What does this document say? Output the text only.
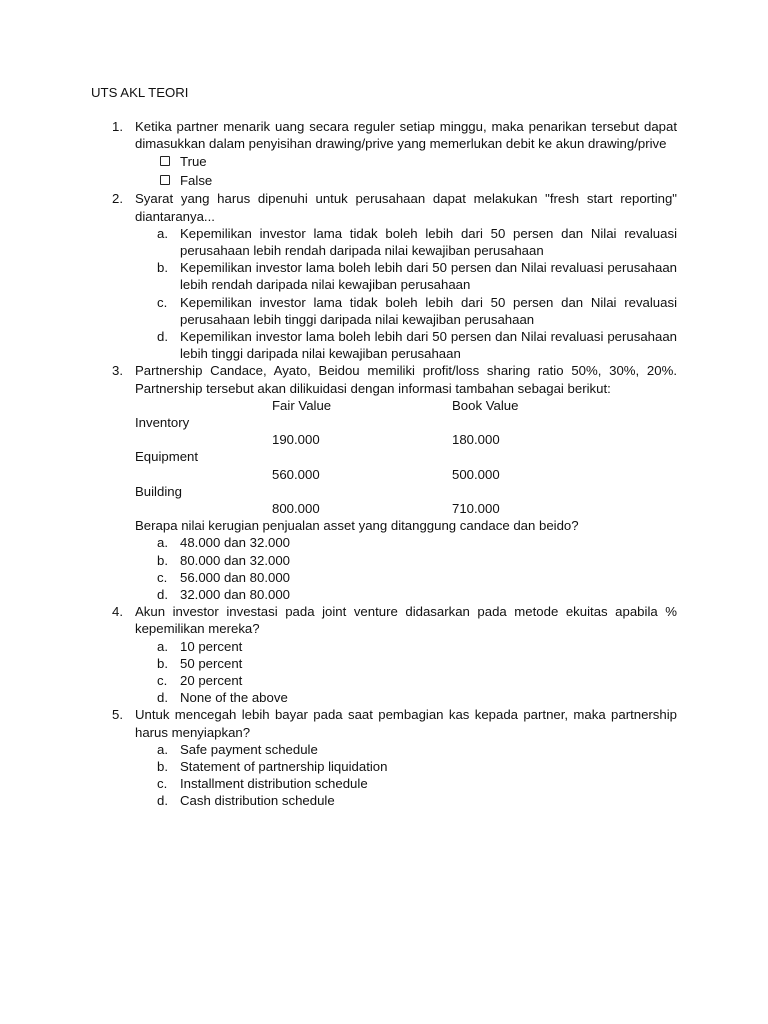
UTS AKL TEORI
1. Ketika partner menarik uang secara reguler setiap minggu, maka penarikan tersebut dapat dimasukkan dalam penyisihan drawing/prive yang memerlukan debit ke akun drawing/prive
True
False
2. Syarat yang harus dipenuhi untuk perusahaan dapat melakukan "fresh start reporting" diantaranya...
a. Kepemilikan investor lama tidak boleh lebih dari 50 persen dan Nilai revaluasi perusahaan lebih rendah daripada nilai kewajiban perusahaan
b. Kepemilikan investor lama boleh lebih dari 50 persen dan Nilai revaluasi perusahaan lebih rendah daripada nilai kewajiban perusahaan
c. Kepemilikan investor lama tidak boleh lebih dari 50 persen dan Nilai revaluasi perusahaan lebih tinggi daripada nilai kewajiban perusahaan
d. Kepemilikan investor lama boleh lebih dari 50 persen dan Nilai revaluasi perusahaan lebih tinggi daripada nilai kewajiban perusahaan
3. Partnership Candace, Ayato, Beidou memiliki profit/loss sharing ratio 50%, 30%, 20%. Partnership tersebut akan dilikuidasi dengan informasi tambahan sebagai berikut:
Fair Value	Book Value
Inventory
190.000	180.000
Equipment
560.000	500.000
Building
800.000	710.000
Berapa nilai kerugian penjualan asset yang ditanggung candace dan beido?
a. 48.000 dan 32.000
b. 80.000 dan 32.000
c. 56.000 dan 80.000
d. 32.000 dan 80.000
4. Akun investor investasi pada joint venture didasarkan pada metode ekuitas apabila % kepemilikan mereka?
a. 10 percent
b. 50 percent
c. 20 percent
d. None of the above
5. Untuk mencegah lebih bayar pada saat pembagian kas kepada partner, maka partnership harus menyiapkan?
a. Safe payment schedule
b. Statement of partnership liquidation
c. Installment distribution schedule
d. Cash distribution schedule
